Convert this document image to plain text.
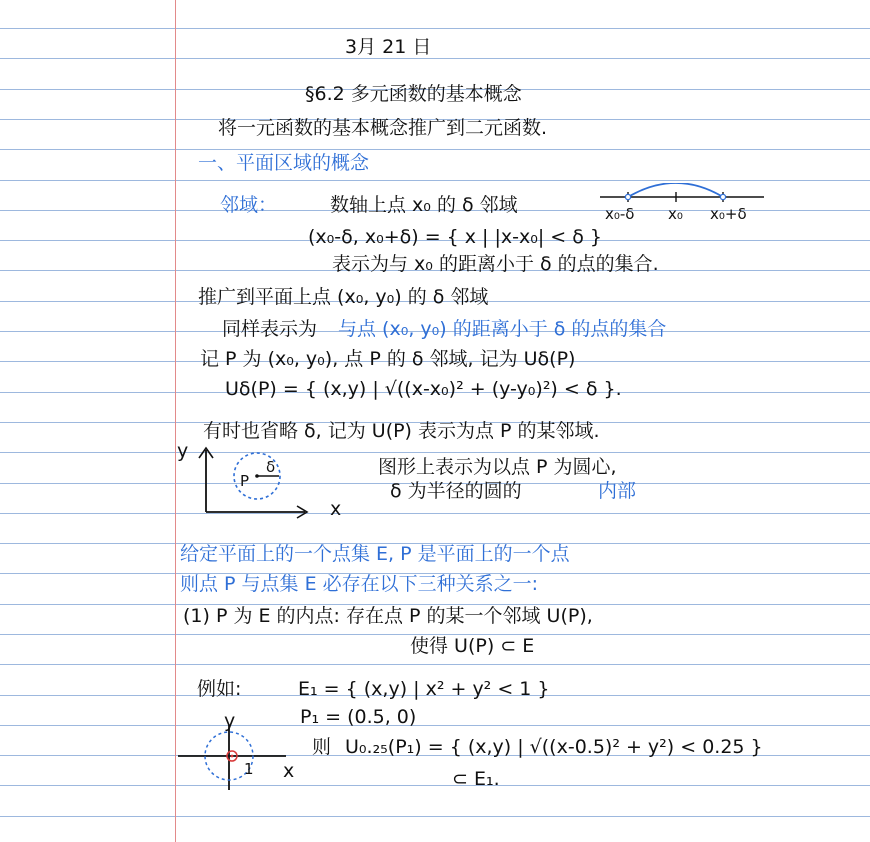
3月 21 日
§6.2 多元函数的基本概念
将一元函数的基本概念推广到二元函数.
一、平面区域的概念
邻域：	数轴上点 x₀ 的 δ 邻域	x₀-δ x₀ x₀+δ
(x₀-δ, x₀+δ) = { x | |x-x₀| < δ }
表示为与 x₀ 的距离小于 δ 的点的集合.
推广到平面上点 (x₀, y₀) 的 δ 邻域
同样表示为 与点 (x₀, y₀) 的距离小于 δ 的点的集合
记 P 为 (x₀, y₀), 点 P 的 δ 邻域, 记为 Uδ(P)
Uδ(P) = { (x,y) | √((x-x₀)² + (y-y₀)²) < δ }.
有时也省略 δ, 记为 U(P) 表示为点 P 的某邻域.
y
x
P
δ	图形上表示为以点 P 为圆心,
δ 为半径的圆的	内部
给定平面上的一个点集 E, P 是平面上的一个点
则点 P 与点集 E 必存在以下三种关系之一:
(1) P 为 E 的内点: 存在点 P 的某一个邻域 U(P),
使得 U(P) ⊂ E
例如:	E₁ = { (x,y) | x² + y² < 1 }
P₁ = (0.5, 0)
则 U₀.₂₅(P₁) = { (x,y) | √((x-0.5)² + y²) < 0.25 }
⊂ E₁.
y
x
1
